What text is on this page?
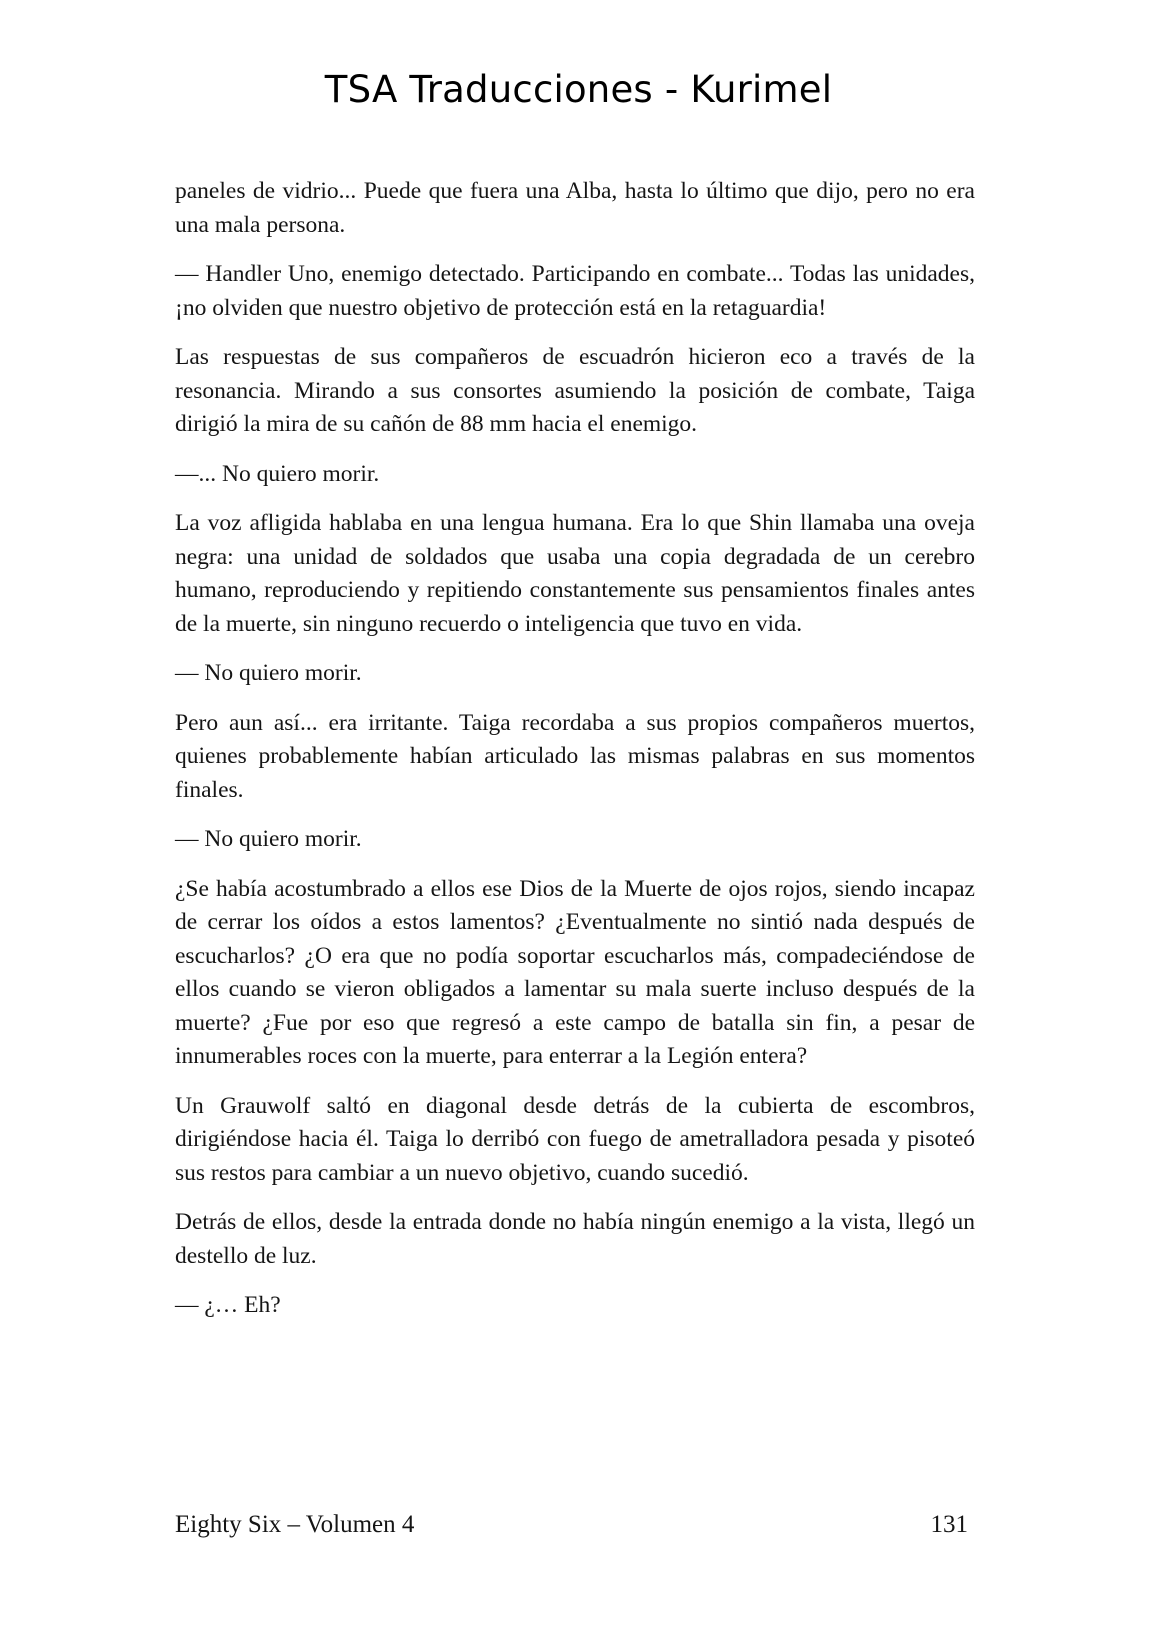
TSA Traducciones - Kurimel

paneles de vidrio... Puede que fuera una Alba, hasta lo último que dijo, pero no era una mala persona.

— Handler Uno, enemigo detectado. Participando en combate... Todas las unidades, ¡no olviden que nuestro objetivo de protección está en la retaguardia!

Las respuestas de sus compañeros de escuadrón hicieron eco a través de la resonancia. Mirando a sus consortes asumiendo la posición de combate, Taiga dirigió la mira de su cañón de 88 mm hacia el enemigo.

—... No quiero morir.

La voz afligida hablaba en una lengua humana. Era lo que Shin llamaba una oveja negra: una unidad de soldados que usaba una copia degradada de un cerebro humano, reproduciendo y repitiendo constantemente sus pensamientos finales antes de la muerte, sin ninguno recuerdo o inteligencia que tuvo en vida.

— No quiero morir.

Pero aun así... era irritante. Taiga recordaba a sus propios compañeros muertos, quienes probablemente habían articulado las mismas palabras en sus momentos finales.

— No quiero morir.

¿Se había acostumbrado a ellos ese Dios de la Muerte de ojos rojos, siendo incapaz de cerrar los oídos a estos lamentos? ¿Eventualmente no sintió nada después de escucharlos? ¿O era que no podía soportar escucharlos más, compadeciéndose de ellos cuando se vieron obligados a lamentar su mala suerte incluso después de la muerte? ¿Fue por eso que regresó a este campo de batalla sin fin, a pesar de innumerables roces con la muerte, para enterrar a la Legión entera?

Un Grauwolf saltó en diagonal desde detrás de la cubierta de escombros, dirigiéndose hacia él. Taiga lo derribó con fuego de ametralladora pesada y pisoteó sus restos para cambiar a un nuevo objetivo, cuando sucedió.

Detrás de ellos, desde la entrada donde no había ningún enemigo a la vista, llegó un destello de luz.

— ¿… Eh?

Eighty Six – Volumen 4	131
